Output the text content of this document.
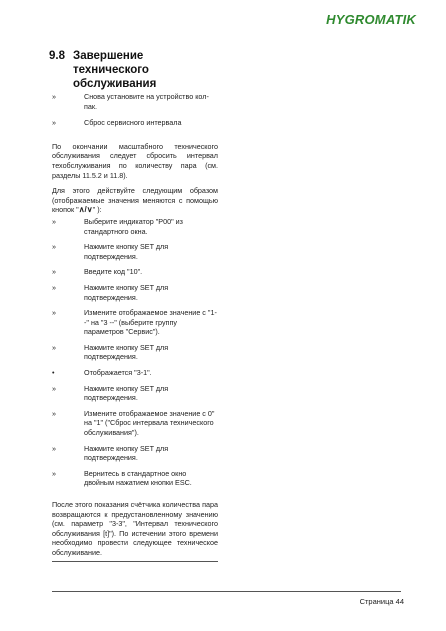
HYGROMATIK
9.8 Завершение технического
обслуживания
»	Снова установите на устройство колпак.
»	Сброс сервисного интервала

По окончании масштабного технического обслуживания следует сбросить интервал техобслуживания по количеству пара (см. разделы 11.5.2 и 11.8).

Для этого действуйте следующим образом (отображаемые значения меняются с помощью кнопок "∧/∨" ):

»	Выберите индикатор "P00" из стандартного окна.
»	Нажмите кнопку SET для подтверждения.
»	Введите код "10".
»	Нажмите кнопку SET для подтверждения.
»	Измените отображаемое значение с "1--" на "3 --" (выберите группу параметров "Сервис").
»	Нажмите кнопку SET для подтверждения.
•	Отображается "3-1".
»	Нажмите кнопку SET для подтверждения.
»	Измените отображаемое значение с 0" на "1" ("Сброс интервала технического обслуживания").
»	Нажмите кнопку SET для подтверждения.
»	Вернитесь в стандартное окно двойным нажатием кнопки ESC.

После этого показания счётчика количества пара возвращаются к предустановленному значению (см. параметр "3-3", "Интервал технического обслуживания [t]"). По истечении этого времени необходимо провести следующее техническое обслуживание.

Страница 44
